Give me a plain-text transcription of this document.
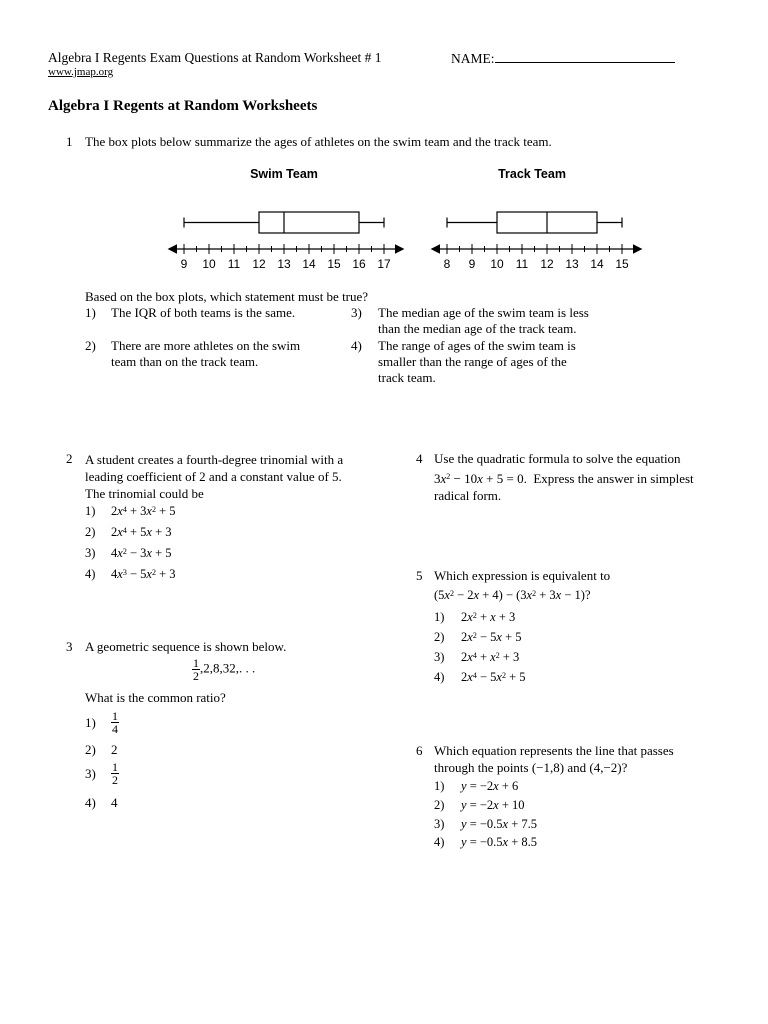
Algebra I Regents Exam Questions at Random Worksheet # 1	NAME:
www.jmap.org
Algebra I Regents at Random Worksheets
1 The box plots below summarize the ages of athletes on the swim team and the track team.
Swim Team
9 10 11 12 13 14 15 16 17
Track Team
8 9 10 11 12 13 14 15
Based on the box plots, which statement must be true?
1) The IQR of both teams is the same.
2) There are more athletes on the swim
team than on the track team.
3) The median age of the swim team is less
than the median age of the track team.
4) The range of ages of the swim team is
smaller than the range of ages of the
track team.
2 A student creates a fourth-degree trinomial with a
leading coefficient of 2 and a constant value of 5.
The trinomial could be
1) $2x^4 + 3x^2 + 5$
2) $2x^4 + 5x + 3$
3) $4x^2 - 3x + 5$
4) $4x^3 - 5x^2 + 3$
3 A geometric sequence is shown below.
$\frac{1}{2} ,2,8,32$,. . .
What is the common ratio?
$1) \frac{1}{4}$
2) 2
$3) \frac{1}{2}$
4) 4
4 Use the quadratic formula to solve the equation
$3x^2 - 10x + 5 = 0$.  Express the answer in simplest
radical form.
5 Which expression is equivalent to
$(5x^2 - 2x + 4) - (3x^2 + 3x - 1)$?
1) $2x^2 + x + 3$
2) $2x^2 - 5x + 5$
3) $2x^4 + x^2 + 3$
4) $2x^4 - 5x^2 + 5$
6 Which equation represents the line that passes
through the points (−1,8) and (4,−2)?
1) y = −2x + 6
2) y = −2x + 10
3) y = −0.5x + 7.5
4) y = −0.5x + 8.5
